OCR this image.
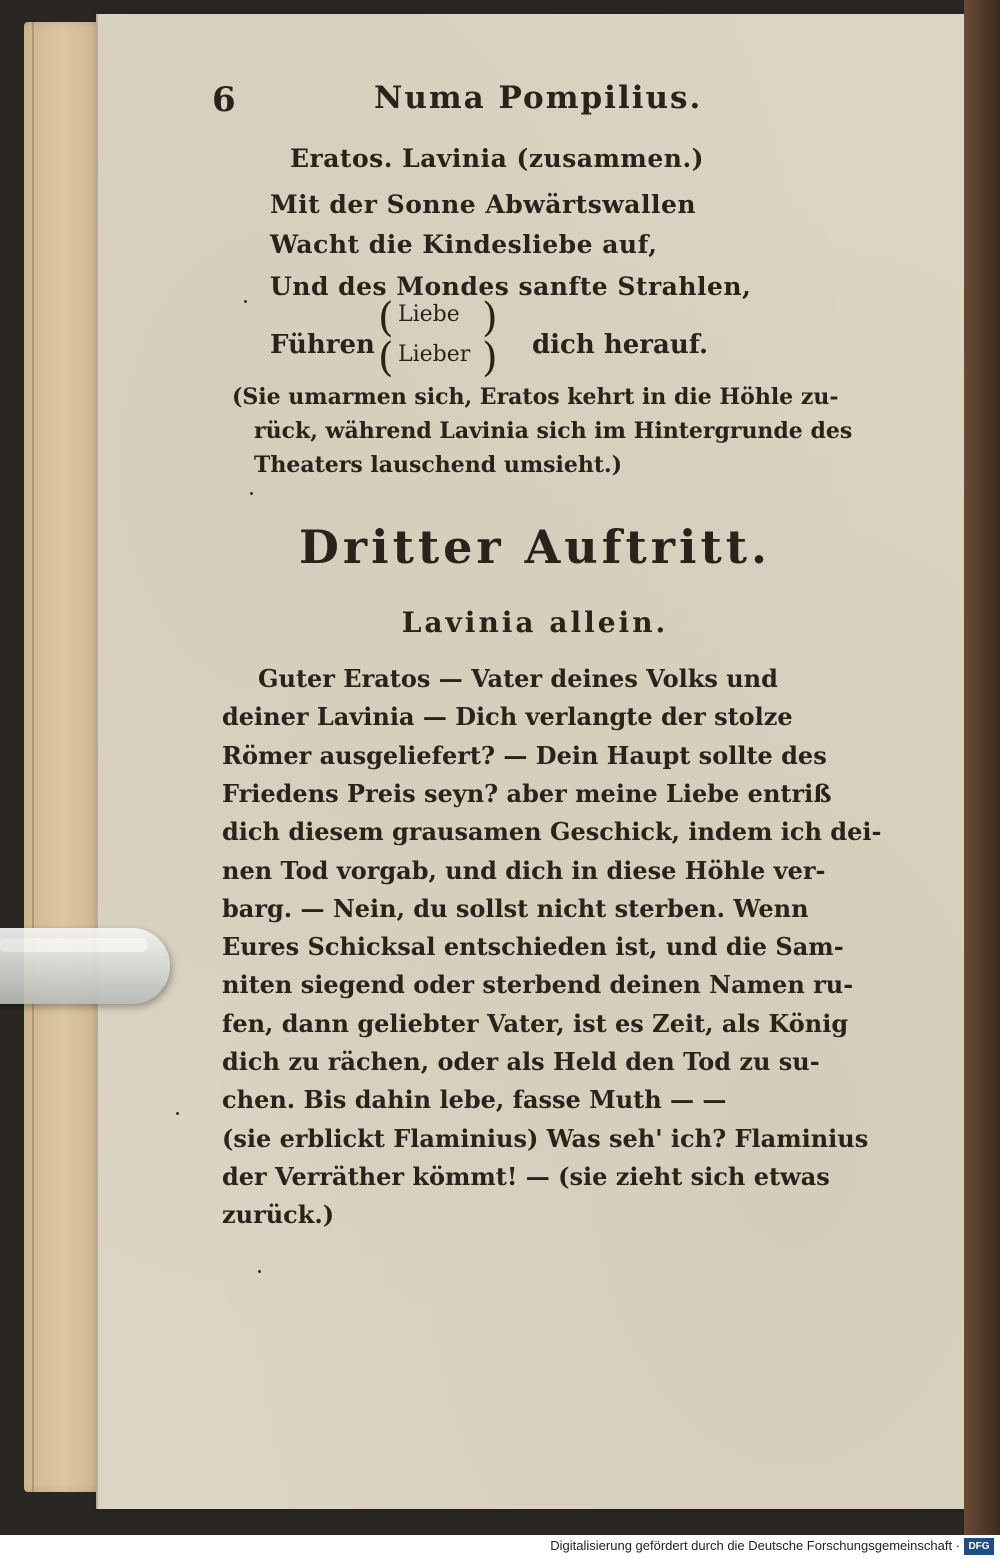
6	Numa Pompilius.
Eratos. Lavinia (zusammen.)
Mit der Sonne Abwärtswallen
Wacht die Kindesliebe auf,
Und des Mondes sanfte Strahlen,
Führen
(
(
Liebe
Lieber
)
) dich herauf.
(Sie umarmen sich, Eratos kehrt in die Höhle zu-
rück, während Lavinia sich im Hintergrunde des
Theaters lauschend umsieht.)
Dritter Auftritt.
Lavinia allein.
Guter Eratos — Vater deines Volks und
deiner Lavinia — Dich verlangte der stolze
Römer ausgeliefert? — Dein Haupt sollte des
Friedens Preis seyn? aber meine Liebe entriß
dich diesem grausamen Geschick, indem ich dei-
nen Tod vorgab, und dich in diese Höhle ver-
barg. — Nein, du sollst nicht sterben. Wenn
Eures Schicksal entschieden ist, und die Sam-
niten siegend oder sterbend deinen Namen ru-
fen, dann geliebter Vater, ist es Zeit, als König
dich zu rächen, oder als Held den Tod zu su-
chen. Bis dahin lebe, fasse Muth — —
(sie erblickt Flaminius) Was seh' ich? Flaminius
der Verräther kömmt! — (sie zieht sich etwas
zurück.)
Digitalisierung gefördert durch die Deutsche Forschungsgemeinschaft · DFG
